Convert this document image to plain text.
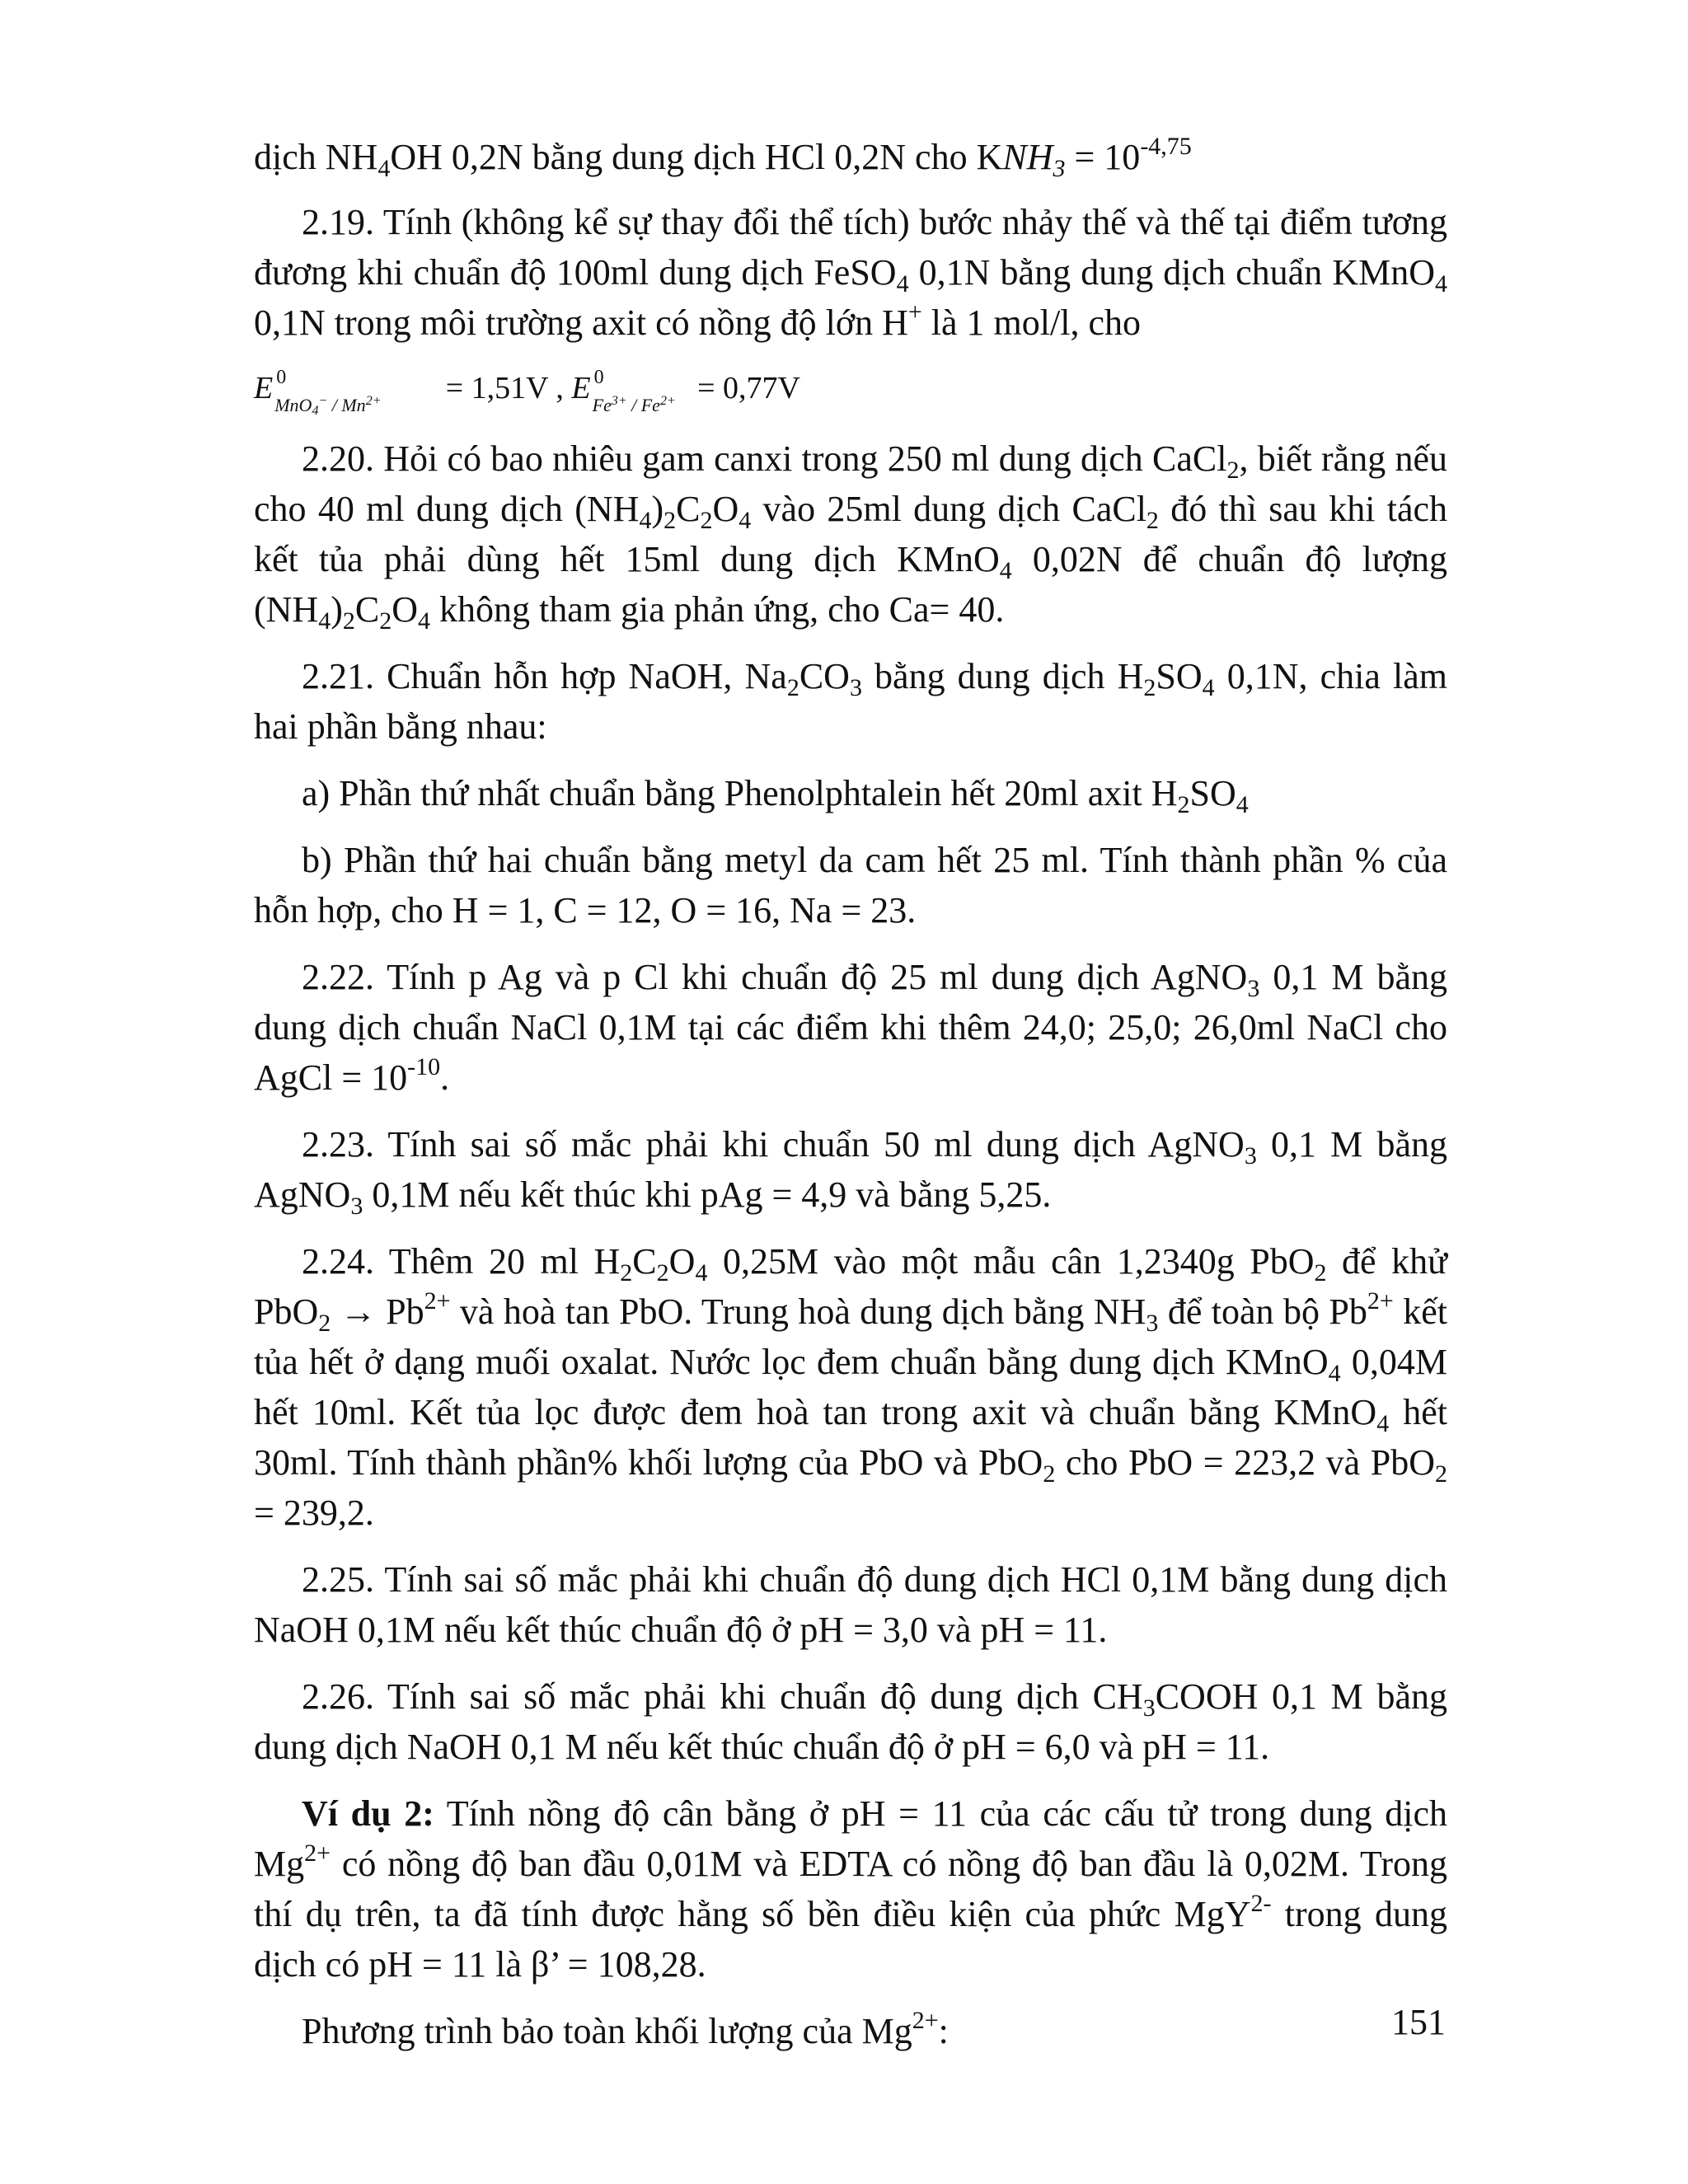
dịch $NH_4OH$ 0,2N bằng dung dịch HCl 0,2N cho $KNH_3 = 10^{-4,75}$

2.19. Tính (không kể sự thay đổi thể tích) bước nhảy thế và thế tại điểm tương đương khi chuẩn độ 100ml dung dịch FeSO$_4$ 0,1N bằng dung dịch chuẩn KMnO$_4$ 0,1N trong môi trường axit có nồng độ lớn H+ là 1 mol/l, cho

E 0
$MnO_4^- / Mn^{2+} = 1,51V$ , E 0
$Fe^{3+} / Fe^{2+} = 0,77V$

2.20. Hỏi có bao nhiêu gam canxi trong 250 ml dung dịch CaCl$_2$, biết rằng nếu cho 40 ml dung dịch $(NH_4)_2C_2O_4$ vào 25ml dung dịch CaCl$_2$ đó thì sau khi tách kết tủa phải dùng hết 15ml dung dịch KMnO$_4$ 0,02N để chuẩn độ lượng $(NH_4)_2C_2O_4$ không tham gia phản ứng, cho Ca= 40.

2.21. Chuẩn hỗn hợp NaOH, $Na_2CO_3$ bằng dung dịch $H_2SO_4$ 0,1N, chia làm hai phần bằng nhau:

a) Phần thứ nhất chuẩn bằng Phenolphtalein hết 20ml axit $H_2SO_4$

b) Phần thứ hai chuẩn bằng metyl da cam hết 25 ml. Tính thành phần % của hỗn hợp, cho H = 1, C = 12, O = 16, Na = 23.

2.22. Tính p Ag và p Cl khi chuẩn độ 25 ml dung dịch AgNO$_3$ 0,1 M bằng dung dịch chuẩn NaCl 0,1M tại các điểm khi thêm 24,0; 25,0; 26,0ml NaCl cho AgCl = $10^{-10}$.

2.23. Tính sai số mắc phải khi chuẩn 50 ml dung dịch AgNO$_3$ 0,1 M bằng AgNO$_3$ 0,1M nếu kết thúc khi pAg = 4,9 và bằng 5,25.

2.24. Thêm 20 ml $H_2C_2O_4$ 0,25M vào một mẫu cân 1,2340g PbO$_2$ để khử $PbO_2 \to Pb^{2+}$ và hoà tan PbO. Trung hoà dung dịch bằng $NH_3$ để toàn bộ $Pb^{2+}$ kết tủa hết ở dạng muối oxalat. Nước lọc đem chuẩn bằng dung dịch KMnO$_4$ 0,04M hết 10ml. Kết tủa lọc được đem hoà tan trong axit và chuẩn bằng KMnO$_4$ hết 30ml. Tính thành phần% khối lượng của PbO và PbO$_2$ cho PbO = 223,2 và PbO$_2$ = 239,2.

2.25. Tính sai số mắc phải khi chuẩn độ dung dịch HCl 0,1M bằng dung dịch NaOH 0,1M nếu kết thúc chuẩn độ ở pH = 3,0 và pH = 11.

2.26. Tính sai số mắc phải khi chuẩn độ dung dịch $CH_3COOH$ 0,1 M bằng dung dịch NaOH 0,1 M nếu kết thúc chuẩn độ ở pH = 6,0 và pH = 11.

Ví dụ 2: Tính nồng độ cân bằng ở pH = 11 của các cấu tử trong dung dịch $Mg^{2+}$ có nồng độ ban đầu 0,01M và EDTA có nồng độ ban đầu là 0,02M. Trong thí dụ trên, ta đã tính được hằng số bền điều kiện của phức MgY$^{2-}$ trong dung dịch có pH = 11 là β’ = 108,28.

Phương trình bảo toàn khối lượng của $Mg^{2+}$:	151
